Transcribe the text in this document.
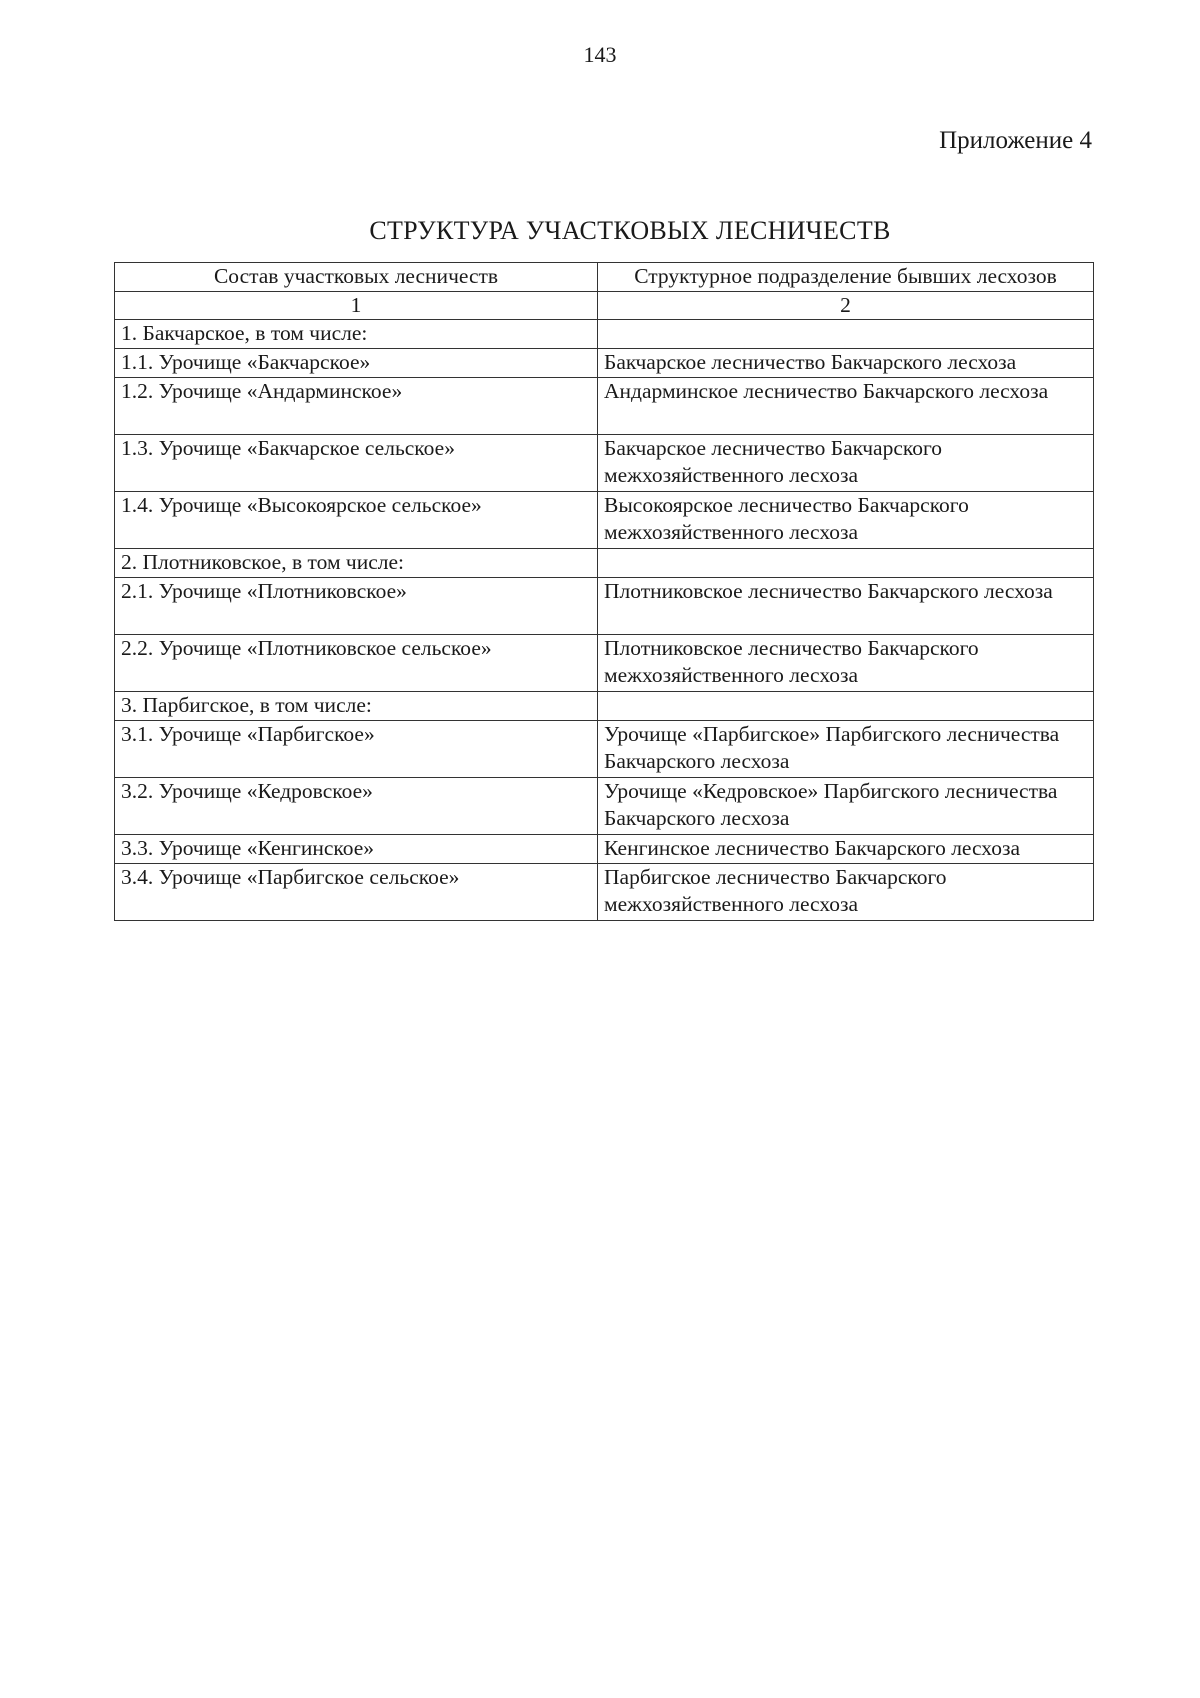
143
Приложение 4
СТРУКТУРА УЧАСТКОВЫХ ЛЕСНИЧЕСТВ
Состав участковых лесничеств	Структурное подразделение бывших лесхозов
1	2
1. Бакчарское, в том числе:	
1.1. Урочище «Бакчарское»	Бакчарское лесничество Бакчарского лесхоза
1.2. Урочище «Андарминское»	Андарминское лесничество Бакчарского лесхоза
1.3. Урочище «Бакчарское сельское»	Бакчарское лесничество Бакчарского межхозяйственного лесхоза
1.4. Урочище «Высокоярское сельское»	Высокоярское лесничество Бакчарского межхозяйственного лесхоза
2. Плотниковское, в том числе:	
2.1. Урочище «Плотниковское»	Плотниковское лесничество Бакчарского лесхоза
2.2. Урочище «Плотниковское сельское»	Плотниковское лесничество Бакчарского межхозяйственного лесхоза
3. Парбигское, в том числе:	
3.1. Урочище «Парбигское»	Урочище «Парбигское» Парбигского лесничества Бакчарского лесхоза
3.2. Урочище «Кедровское»	Урочище «Кедровское» Парбигского лесничества Бакчарского лесхоза
3.3. Урочище «Кенгинское»	Кенгинское лесничество Бакчарского лесхоза
3.4. Урочище «Парбигское сельское»	Парбигское лесничество Бакчарского межхозяйственного лесхоза
